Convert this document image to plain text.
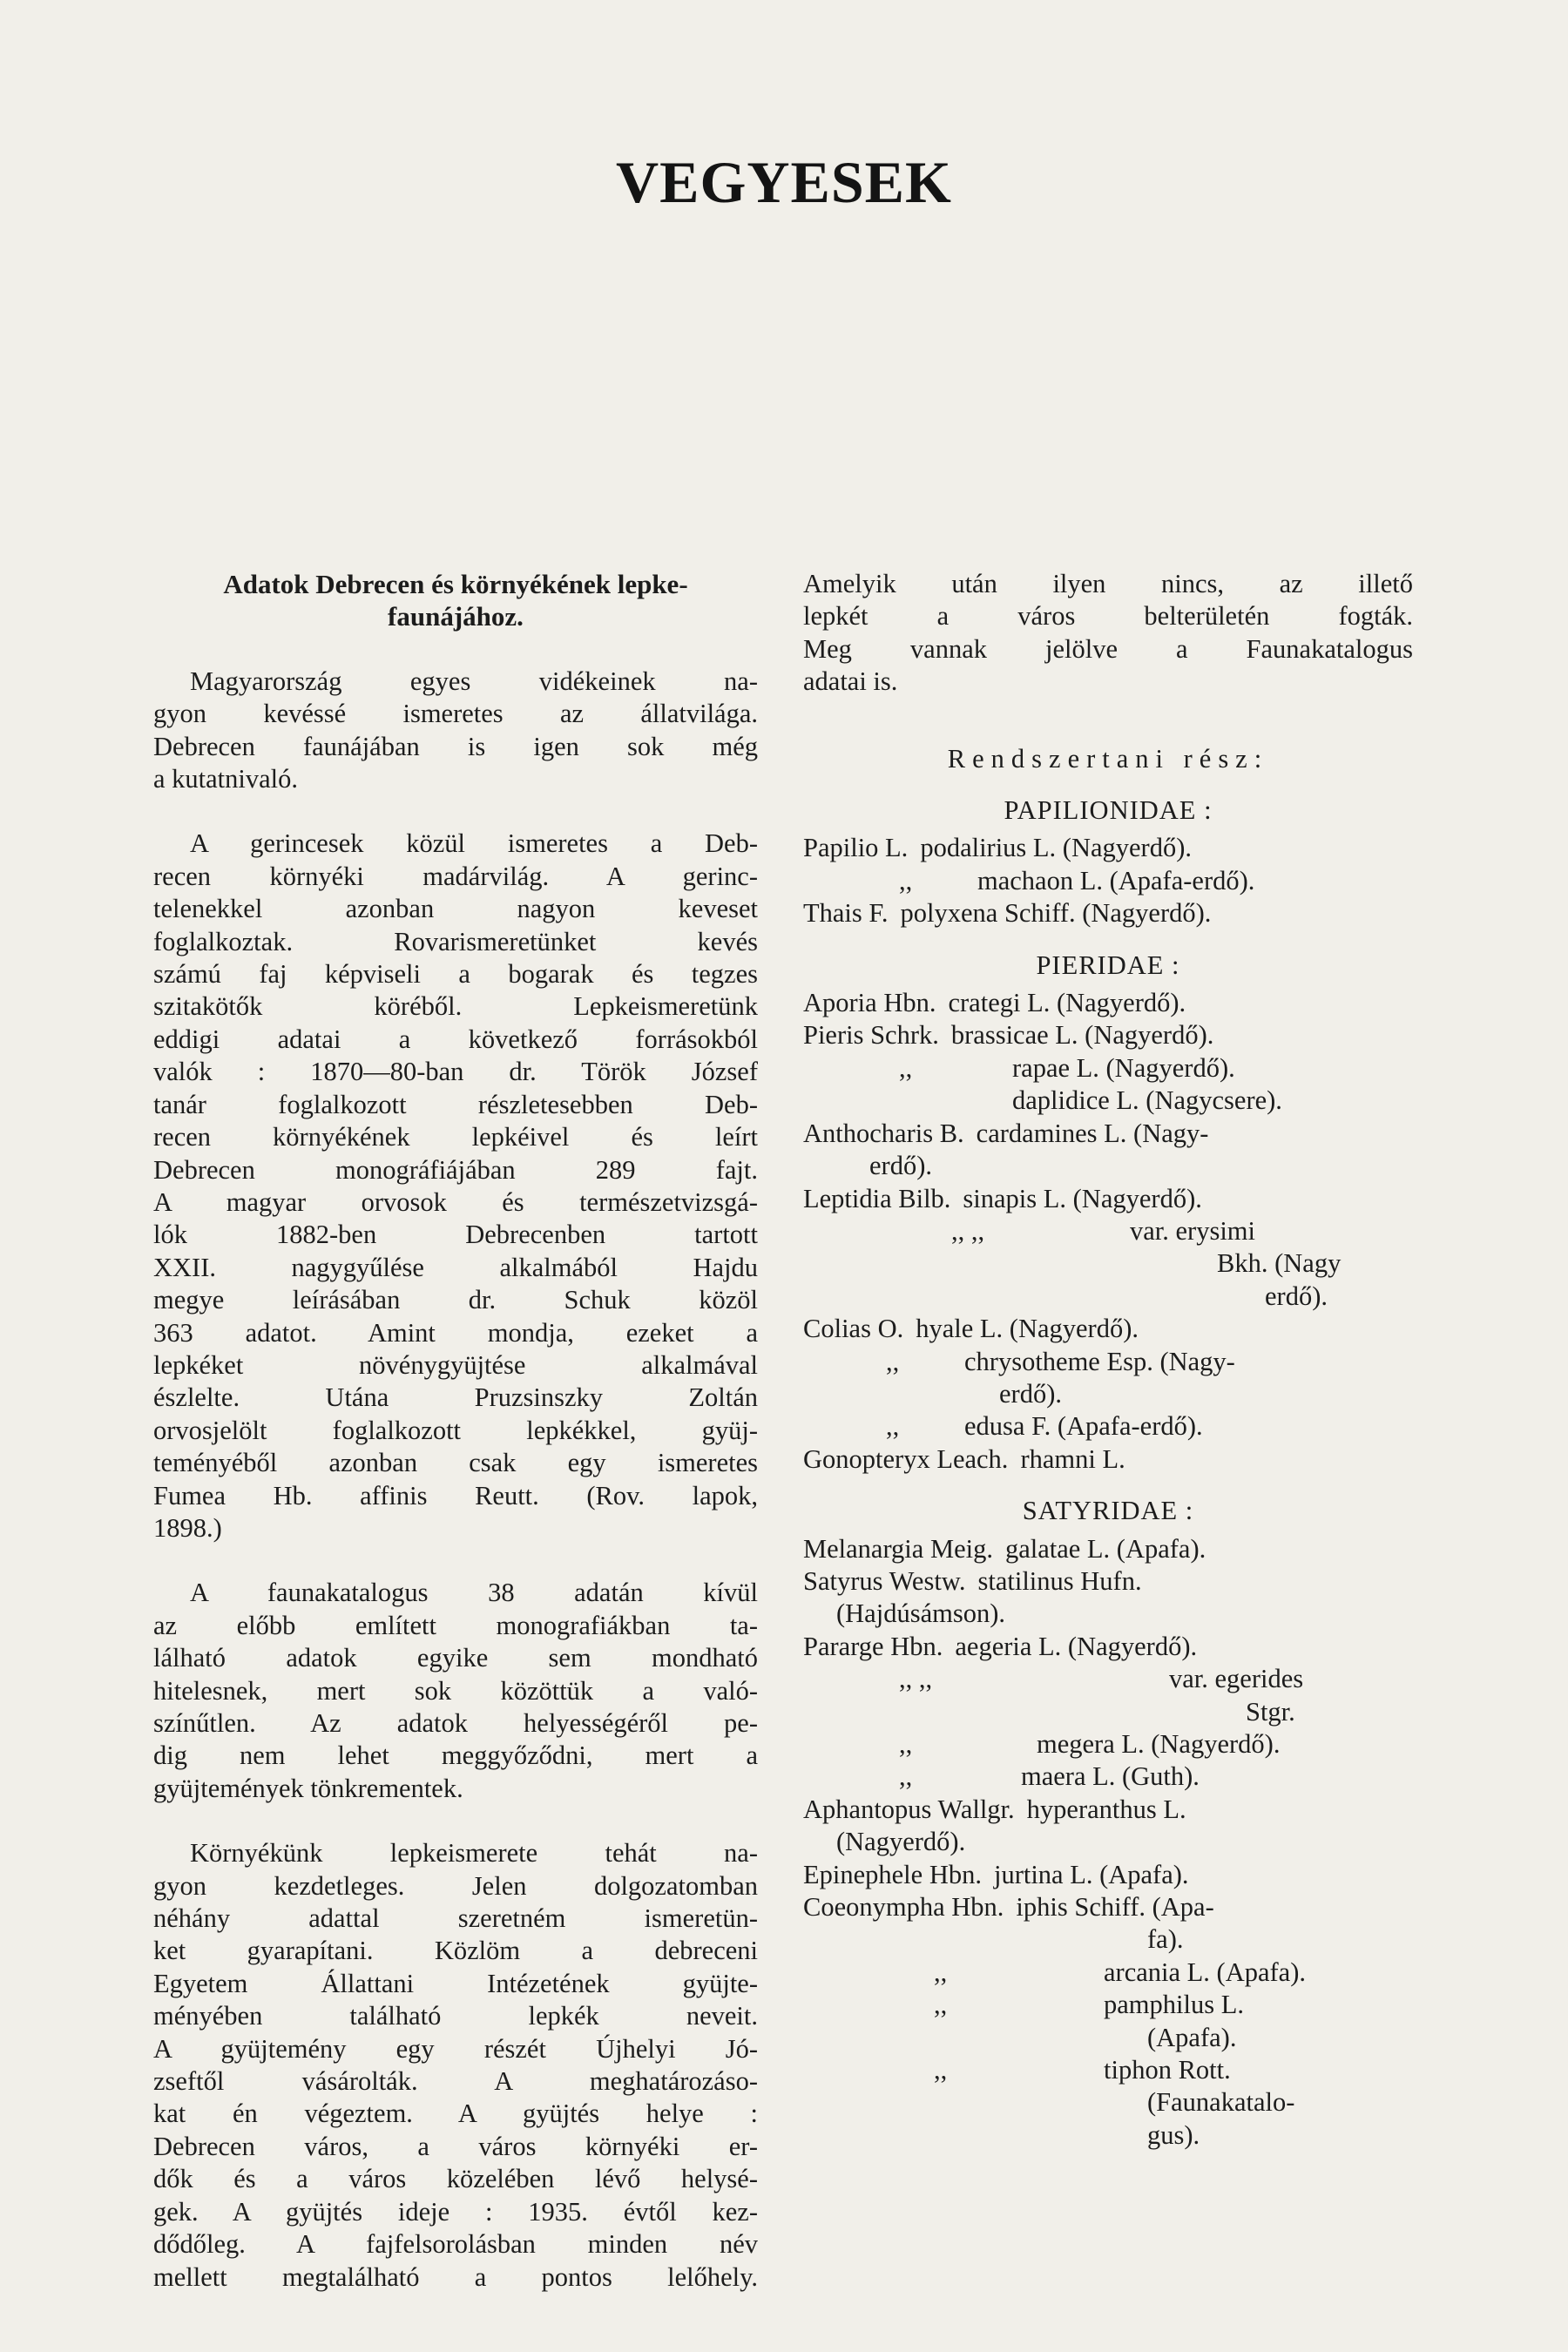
VEGYESEK
Adatok Debrecen és környékének lepke-
faunájához.
Magyarország egyes vidékeinek na-
gyon kevéssé ismeretes az állatvilága.
Debrecen faunájában is igen sok még
a kutatnivaló.
A gerincesek közül ismeretes a Deb-
recen környéki madárvilág. A gerinc-
telenekkel azonban nagyon keveset
foglalkoztak. Rovarismeretünket kevés
számú faj képviseli a bogarak és tegzes
szitakötők köréből. Lepkeismeretünk
eddigi adatai a következő forrásokból
valók : 1870—80-ban dr. Török József
tanár foglalkozott részletesebben Deb-
recen környékének lepkéivel és leírt
Debrecen monográfiájában 289 fajt.
A magyar orvosok és természetvizsgá-
lók 1882-ben Debrecenben tartott
XXII. nagygyűlése alkalmából Hajdu
megye leírásában dr. Schuk közöl
363 adatot. Amint mondja, ezeket a
lepkéket növénygyüjtése alkalmával
észlelte. Utána Pruzsinszky Zoltán
orvosjelölt foglalkozott lepkékkel, gyüj-
teményéből azonban csak egy ismeretes
Fumea Hb. affinis Reutt. (Rov. lapok,
1898.)
A faunakatalogus 38 adatán kívül
az előbb említett monografiákban ta-
lálható adatok egyike sem mondható
hitelesnek, mert sok közöttük a való-
színűtlen. Az adatok helyességéről pe-
dig nem lehet meggyőződni, mert a
gyüjtemények tönkrementek.
Környékünk lepkeismerete tehát na-
gyon kezdetleges. Jelen dolgozatomban
néhány adattal szeretném ismeretün-
ket gyarapítani. Közlöm a debreceni
Egyetem Állattani Intézetének gyüjte-
ményében található lepkék neveit.
A gyüjtemény egy részét Újhelyi Jó-
zseftől vásárolták. A meghatározáso-
kat én végeztem. A gyüjtés helye :
Debrecen város, a város környéki er-
dők és a város közelében lévő helysé-
gek. A gyüjtés ideje : 1935. évtől kez-
dődőleg. A fajfelsorolásban minden név
mellett megtalálható a pontos lelőhely.
Amelyik után ilyen nincs, az illető
lepkét a város belterületén fogták.
Meg vannak jelölve a Faunakatalogus
adatai is.
Rendszertani rész:
PAPILIONIDAE :
Papilio L. podalirius L. (Nagyerdő).
,, machaon L. (Apafa-erdő).
Thais F. polyxena Schiff. (Nagyerdő).
PIERIDAE :
Aporia Hbn. crategi L. (Nagyerdő).
Pieris Schrk. brassicae L. (Nagyerdő).
,,	rapae L. (Nagyerdő).
daplidice L. (Nagycsere).
Anthocharis B. cardamines L. (Nagy-
erdő).
Leptidia Bilb. sinapis L. (Nagyerdő).
,, ,,	var. erysimi
Bkh. (Nagy
erdő).
Colias O. hyale L. (Nagyerdő).
,, chrysotheme Esp. (Nagy-
erdő).
,, edusa F. (Apafa-erdő).
Gonopteryx Leach. rhamni L.
SATYRIDAE :
Melanargia Meig. galatae L. (Apafa).
Satyrus Westw. statilinus Hufn.
(Hajdúsámson).
Pararge Hbn. aegeria L. (Nagyerdő).
,, ,,	var. egerides
Stgr.
,,	megera L. (Nagyerdő).
,,	maera L. (Guth).
Aphantopus Wallgr. hyperanthus L.
(Nagyerdő).
Epinephele Hbn. jurtina L. (Apafa).
Coeonympha Hbn. iphis Schiff. (Apa-
fa).
,,	arcania L. (Apafa).
,,	pamphilus L.
(Apafa).
,,	tiphon Rott.
(Faunakatalo-
gus).
